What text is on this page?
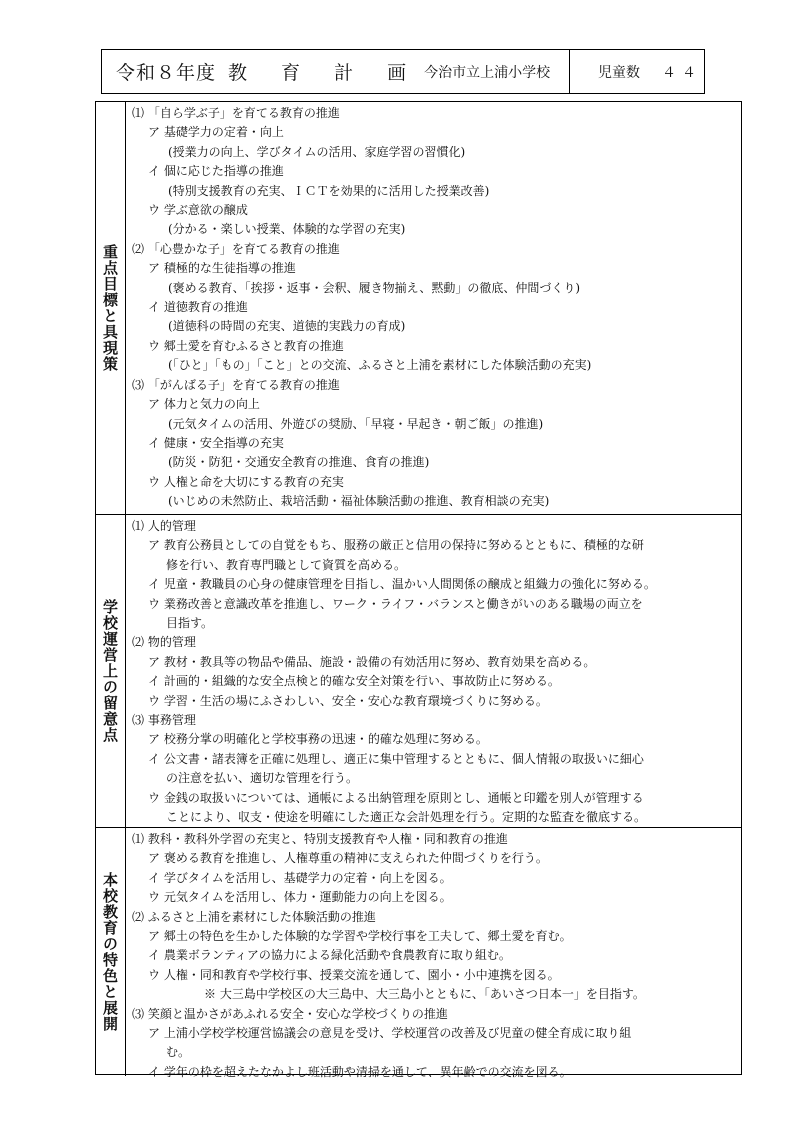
令和８年度 教 育 計 画 今治市立上浦小学校	児童数 ４４
重点目標と具現策
⑴ 「自ら学ぶ子」を育てる教育の推進
ア 基礎学力の定着・向上
(授業力の向上、学びタイムの活用、家庭学習の習慣化)
イ 個に応じた指導の推進
(特別支援教育の充実、ＩＣＴを効果的に活用した授業改善)
ウ 学ぶ意欲の醸成
(分かる・楽しい授業、体験的な学習の充実)
⑵ 「心豊かな子」を育てる教育の推進
ア 積極的な生徒指導の推進
(褒める教育、「挨拶・返事・会釈、履き物揃え、黙動」の徹底、仲間づくり)
イ 道徳教育の推進
(道徳科の時間の充実、道徳的実践力の育成)
ウ 郷土愛を育むふるさと教育の推進
(「ひと」「もの」「こと」との交流、ふるさと上浦を素材にした体験活動の充実)
⑶ 「がんばる子」を育てる教育の推進
ア 体力と気力の向上
(元気タイムの活用、外遊びの奨励、「早寝・早起き・朝ご飯」の推進)
イ 健康・安全指導の充実
(防災・防犯・交通安全教育の推進、食育の推進)
ウ 人権と命を大切にする教育の充実
(いじめの未然防止、栽培活動・福祉体験活動の推進、教育相談の充実)
学校運営上の留意点
⑴ 人的管理
ア 教育公務員としての自覚をもち、服務の厳正と信用の保持に努めるとともに、積極的な研
修を行い、教育専門職として資質を高める。
イ 児童・教職員の心身の健康管理を目指し、温かい人間関係の醸成と組織力の強化に努める。
ウ 業務改善と意識改革を推進し、ワーク・ライフ・バランスと働きがいのある職場の両立を
目指す。
⑵ 物的管理
ア 教材・教具等の物品や備品、施設・設備の有効活用に努め、教育効果を高める。
イ 計画的・組織的な安全点検と的確な安全対策を行い、事故防止に努める。
ウ 学習・生活の場にふさわしい、安全・安心な教育環境づくりに努める。
⑶ 事務管理
ア 校務分掌の明確化と学校事務の迅速・的確な処理に努める。
イ 公文書・諸表簿を正確に処理し、適正に集中管理するとともに、個人情報の取扱いに細心
の注意を払い、適切な管理を行う。
ウ 金銭の取扱いについては、通帳による出納管理を原則とし、通帳と印鑑を別人が管理する
ことにより、収支・使途を明確にした適正な会計処理を行う。定期的な監査を徹底する。
本校教育の特色と展開
⑴ 教科・教科外学習の充実と、特別支援教育や人権・同和教育の推進
ア 褒める教育を推進し、人権尊重の精神に支えられた仲間づくりを行う。
イ 学びタイムを活用し、基礎学力の定着・向上を図る。
ウ 元気タイムを活用し、体力・運動能力の向上を図る。
⑵ ふるさと上浦を素材にした体験活動の推進
ア 郷土の特色を生かした体験的な学習や学校行事を工夫して、郷土愛を育む。
イ 農業ボランティアの協力による緑化活動や食農教育に取り組む。
ウ 人権・同和教育や学校行事、授業交流を通して、園小・小中連携を図る。
※ 大三島中学校区の大三島中、大三島小とともに、「あいさつ日本一」を目指す。
⑶ 笑顔と温かさがあふれる安全・安心な学校づくりの推進
ア 上浦小学校学校運営協議会の意見を受け、学校運営の改善及び児童の健全育成に取り組
む。
イ 学年の枠を超えたなかよし班活動や清掃を通して、異年齢での交流を図る。
